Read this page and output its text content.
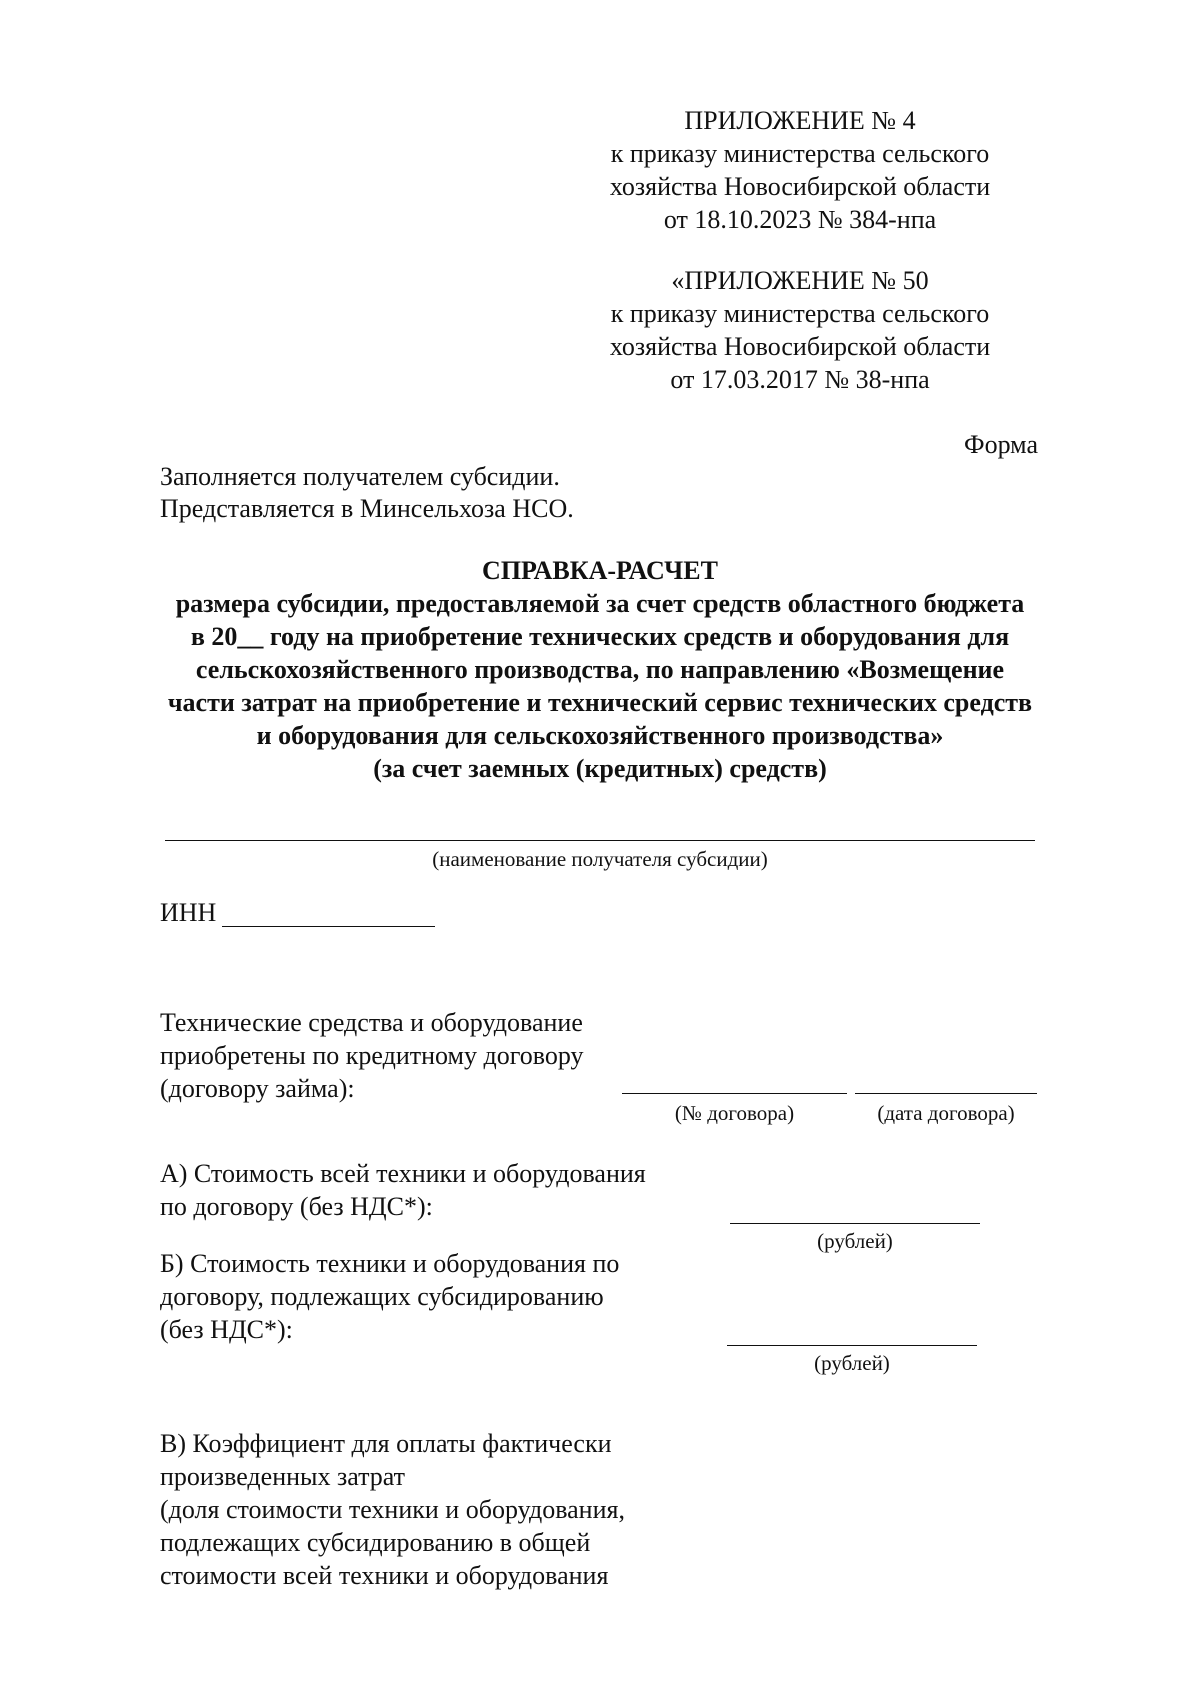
ПРИЛОЖЕНИЕ № 4
к приказу министерства сельского
хозяйства Новосибирской области
от 18.10.2023 № 384-нпа
«ПРИЛОЖЕНИЕ № 50
к приказу министерства сельского
хозяйства Новосибирской области
от 17.03.2017 № 38-нпа
Форма
Заполняется получателем субсидии.
Представляется в Минсельхоза НСО.
СПРАВКА-РАСЧЕТ
размера субсидии, предоставляемой за счет средств областного бюджета
в 20__ году на приобретение технических средств и оборудования для
сельскохозяйственного производства, по направлению «Возмещение
части затрат на приобретение и технический сервис технических средств
и оборудования для сельскохозяйственного производства»
(за счет заемных (кредитных) средств)
(наименование получателя субсидии)
ИНН
Технические средства и оборудование
приобретены по кредитному договору
(договору займа):
(№ договора)	(дата договора)
А) Стоимость всей техники и оборудования
по договору (без НДС*):
(рублей)
Б) Стоимость техники и оборудования по
договору, подлежащих субсидированию
(без НДС*):
(рублей)
В) Коэффициент для оплаты фактически
произведенных затрат
(доля стоимости техники и оборудования,
подлежащих субсидированию в общей
стоимости всей техники и оборудования
